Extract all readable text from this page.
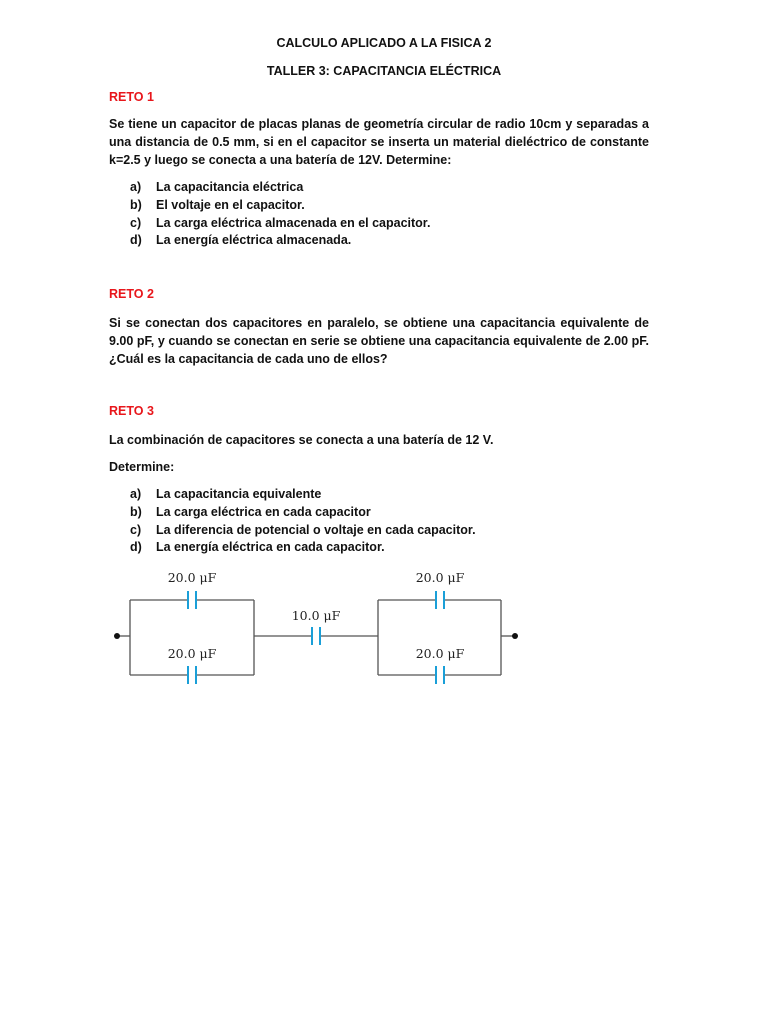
CALCULO APLICADO A LA FISICA 2
TALLER 3: CAPACITANCIA ELÉCTRICA
RETO 1
Se tiene un capacitor de placas planas de geometría circular de radio 10cm y separadas a una distancia de 0.5 mm, si en el capacitor se inserta un material dieléctrico de constante k=2.5 y luego se conecta a una batería de 12V. Determine:
a) La capacitancia eléctrica
b) El voltaje en el capacitor.
c) La carga eléctrica almacenada en el capacitor.
d) La energía eléctrica almacenada.
RETO 2
Si se conectan dos capacitores en paralelo, se obtiene una capacitancia equivalente de 9.00 pF, y cuando se conectan en serie se obtiene una capacitancia equivalente de 2.00 pF. ¿Cuál es la capacitancia de cada uno de ellos?
RETO 3
La combinación de capacitores se conecta a una batería de 12 V.
Determine:
a) La capacitancia equivalente
b) La carga eléctrica en cada capacitor
c) La diferencia de potencial o voltaje en cada capacitor.
d) La energía eléctrica en cada capacitor.
20.0 μF
20.0 μF
10.0 μF
20.0 μF
20.0 μF
